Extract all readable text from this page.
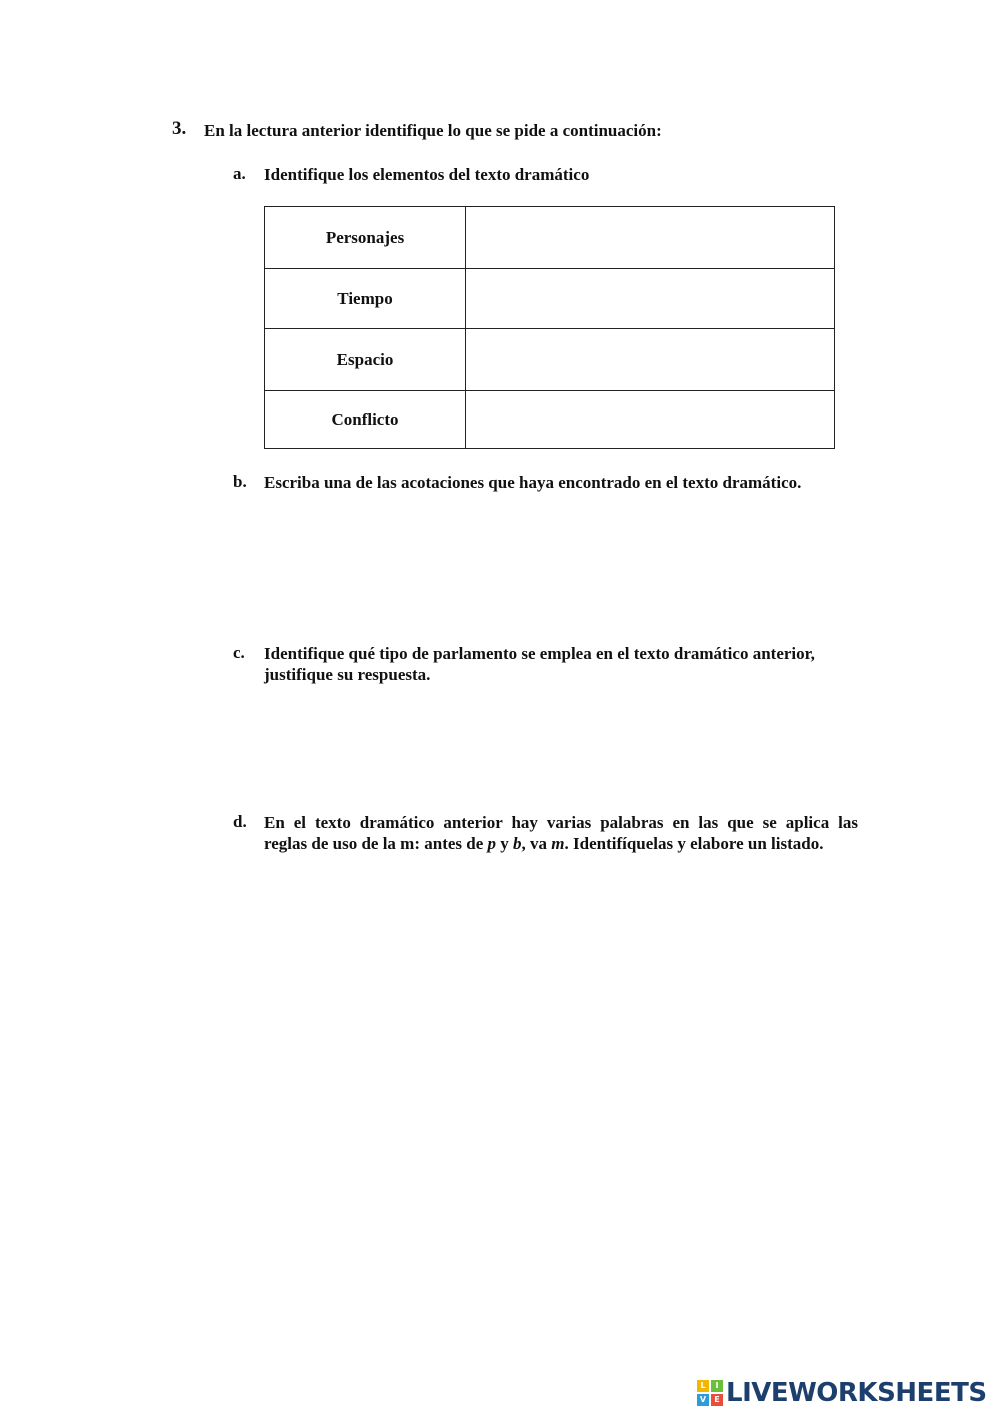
3. En la lectura anterior identifique lo que se pide a continuación:
a. Identifique los elementos del texto dramático
Personajes	
Tiempo	
Espacio	
Conflicto	
b. Escriba una de las acotaciones que haya encontrado en el texto dramático.
c. Identifique qué tipo de parlamento se emplea en el texto dramático anterior,
justifique su respuesta.
d. En el texto dramático anterior hay varias palabras en las que se aplica las
reglas de uso de la m: antes de p y b, va m. Identifíquelas y elabore un listado.
L	I
V	E LIVEWORKSHEETS
